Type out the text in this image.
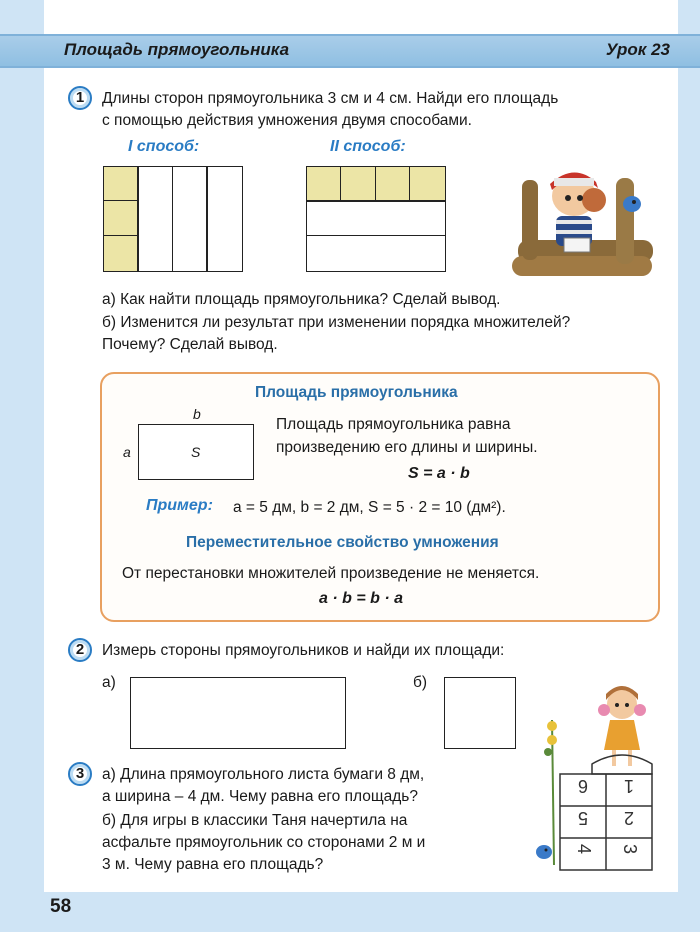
Площадь прямоугольника	Урок 23
1	Длины сторон прямоугольника 3 см и 4 см. Найди его площадь
с помощью действия умножения двумя способами.
I способ:	II способ:
а) Как найти площадь прямоугольника? Сделай вывод.
б) Изменится ли результат при изменении порядка множителей?
Почему? Сделай вывод.
Площадь прямоугольника
b
a	S
Площадь прямоугольника равна
произведению его длины и ширины.
S = a · b
Пример: a = 5 дм, b = 2 дм, S = 5 · 2 = 10 (дм²).
Переместительное свойство умножения
От перестановки множителей произведение не меняется.
a · b = b · a
2	Измерь стороны прямоугольников и найди их площади:
а)	б)
3	а) Длина прямоугольного листа бумаги 8 дм,
а ширина – 4 дм. Чему равна его площадь?
б) Для игры в классики Таня начертила на
асфальте прямоугольник со сторонами 2 м и
3 м. Чему равна его площадь?
1
6
2
5
3
4
58
